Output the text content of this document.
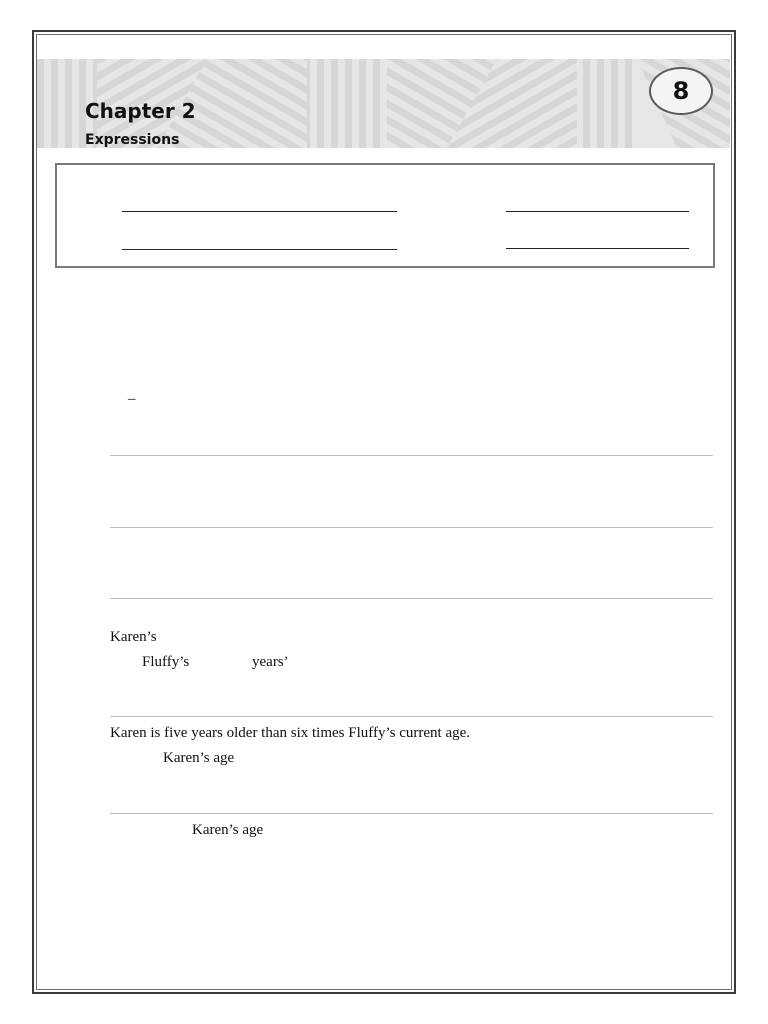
Chapter 2
Expressions
8
–
Karen’s
Fluffy’s	years’
Karen is five years older than six times Fluffy’s current age.
Karen’s age
Karen’s age
